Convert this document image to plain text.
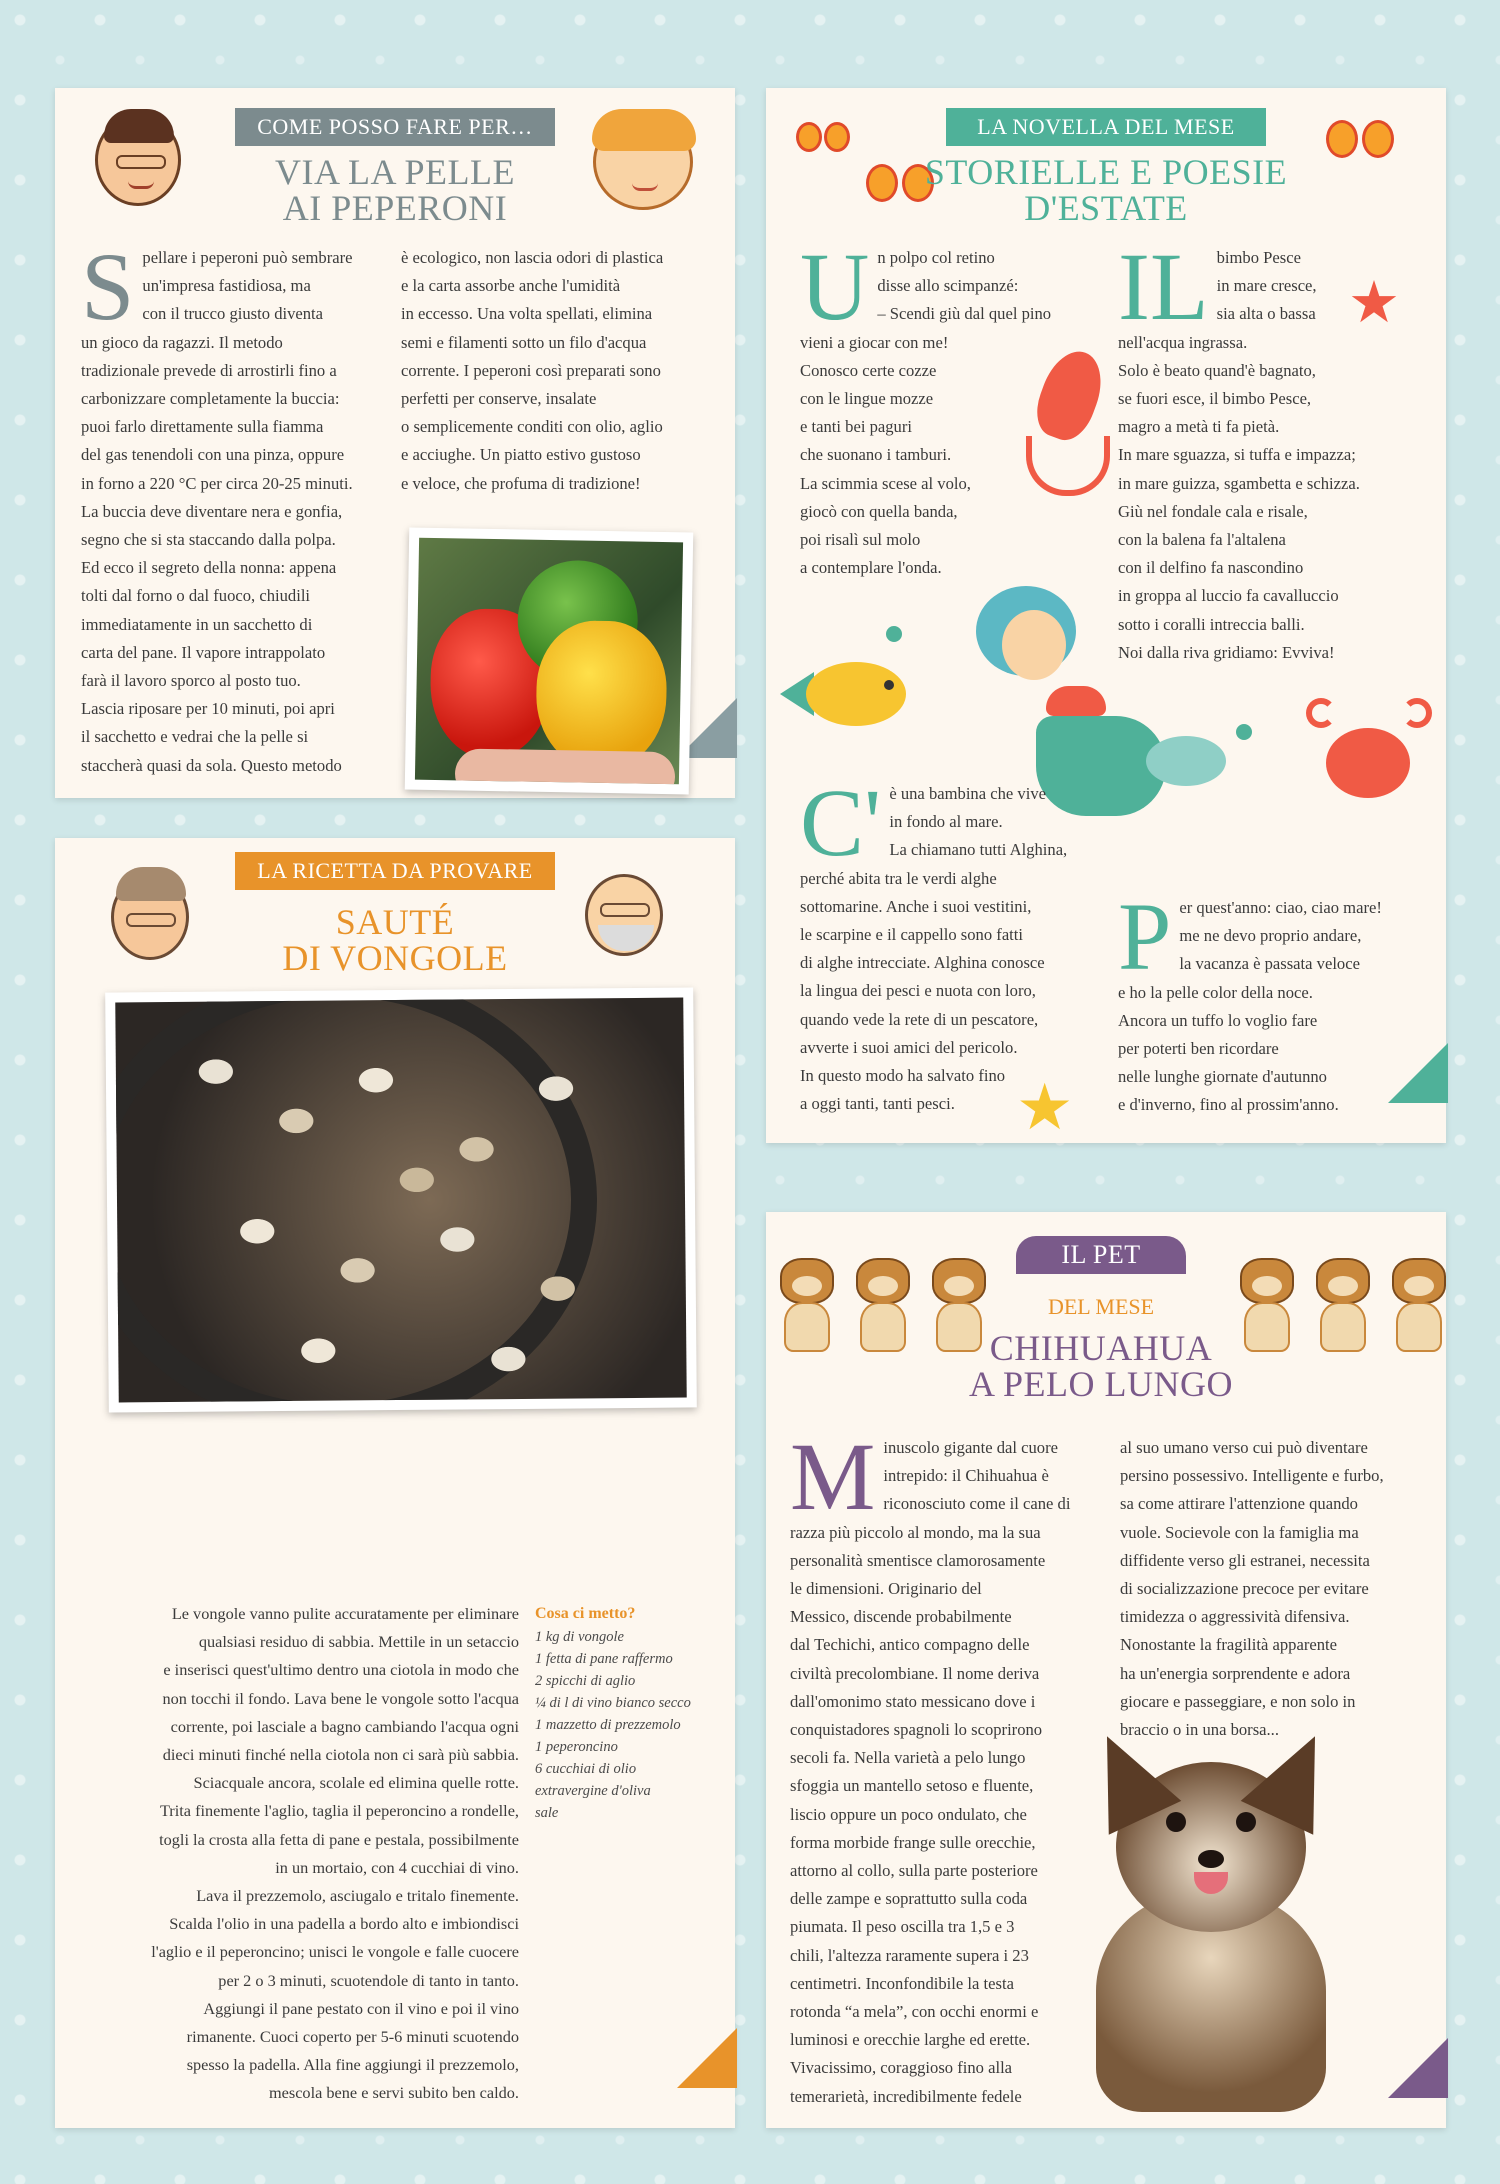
COME POSSO FARE PER…
VIA LA PELLE
AI PEPERONI
S pellare i peperoni può sembrare

un'impresa fastidiosa, ma

con il trucco giusto diventa

un gioco da ragazzi. Il metodo

tradizionale prevede di arrostirli fino a

carbonizzare completamente la buccia:

puoi farlo direttamente sulla fiamma

del gas tenendoli con una pinza, oppure

in forno a 220 °C per circa 20-25 minuti.

La buccia deve diventare nera e gonfia,

segno che si sta staccando dalla polpa.

Ed ecco il segreto della nonna: appena

tolti dal forno o dal fuoco, chiudili

immediatamente in un sacchetto di

carta del pane. Il vapore intrappolato

farà il lavoro sporco al posto tuo.

Lascia riposare per 10 minuti, poi apri

il sacchetto e vedrai che la pelle si

staccherà quasi da sola. Questo metodo

è ecologico, non lascia odori di plastica

e la carta assorbe anche l'umidità

in eccesso. Una volta spellati, elimina

semi e filamenti sotto un filo d'acqua

corrente. I peperoni così preparati sono

perfetti per conserve, insalate

o semplicemente conditi con olio, aglio

e acciughe. Un piatto estivo gustoso

e veloce, che profuma di tradizione!

LA NOVELLA DEL MESE
STORIELLE E POESIE
D'ESTATE
U n polpo col retino

disse allo scimpanzé:

– Scendi giù dal quel pino

vieni a giocar con me!

Conosco certe cozze

con le lingue mozze

e tanti bei paguri

che suonano i tamburi.

La scimmia scese al volo,

giocò con quella banda,

poi risalì sul molo

a contemplare l'onda.

IL bimbo Pesce

in mare cresce,

sia alta o bassa

nell'acqua ingrassa.

Solo è beato quand'è bagnato,

se fuori esce, il bimbo Pesce,

magro a metà ti fa pietà.

In mare sguazza, si tuffa e impazza;

in mare guizza, sgambetta e schizza.

Giù nel fondale cala e risale,

con la balena fa l'altalena

con il delfino fa nascondino

in groppa al luccio fa cavalluccio

sotto i coralli intreccia balli.

Noi dalla riva gridiamo: Evviva!

★
C' è una bambina che vive

in fondo al mare.

La chiamano tutti Alghina,

perché abita tra le verdi alghe

sottomarine. Anche i suoi vestitini,

le scarpine e il cappello sono fatti

di alghe intrecciate. Alghina conosce

la lingua dei pesci e nuota con loro,

quando vede la rete di un pescatore,

avverte i suoi amici del pericolo.

In questo modo ha salvato fino

a oggi tanti, tanti pesci.

P er quest'anno: ciao, ciao mare!

me ne devo proprio andare,

la vacanza è passata veloce

e ho la pelle color della noce.

Ancora un tuffo lo voglio fare

per poterti ben ricordare

nelle lunghe giornate d'autunno

e d'inverno, fino al prossim'anno.

★
LA RICETTA DA PROVARE
SAUTÉ
DI VONGOLE

Le vongole vanno pulite accuratamente per eliminare

qualsiasi residuo di sabbia. Mettile in un setaccio

e inserisci quest'ultimo dentro una ciotola in modo che

non tocchi il fondo. Lava bene le vongole sotto l'acqua

corrente, poi lasciale a bagno cambiando l'acqua ogni

dieci minuti finché nella ciotola non ci sarà più sabbia.

Sciacquale ancora, scolale ed elimina quelle rotte.

Trita finemente l'aglio, taglia il peperoncino a rondelle,

togli la crosta alla fetta di pane e pestala, possibilmente

in un mortaio, con 4 cucchiai di vino.

Lava il prezzemolo, asciugalo e tritalo finemente.

Scalda l'olio in una padella a bordo alto e imbiondisci

l'aglio e il peperoncino; unisci le vongole e falle cuocere

per 2 o 3 minuti, scuotendole di tanto in tanto.

Aggiungi il pane pestato con il vino e poi il vino

rimanente. Cuoci coperto per 5-6 minuti scuotendo

spesso la padella. Alla fine aggiungi il prezzemolo,

mescola bene e servi subito ben caldo.

Cosa ci metto?

1 kg di vongole

1 fetta di pane raffermo

2 spicchi di aglio

¼ di l di vino bianco secco

1 mazzetto di prezzemolo

1 peperoncino

6 cucchiai di olio

extravergine d'oliva

sale

IL PET
DEL MESE
CHIHUAHUA
A PELO LUNGO
M inuscolo gigante dal cuore

intrepido: il Chihuahua è

riconosciuto come il cane di

razza più piccolo al mondo, ma la sua

personalità smentisce clamorosamente

le dimensioni. Originario del

Messico, discende probabilmente

dal Techichi, antico compagno delle

civiltà precolombiane. Il nome deriva

dall'omonimo stato messicano dove i

conquistadores spagnoli lo scoprirono

secoli fa. Nella varietà a pelo lungo

sfoggia un mantello setoso e fluente,

liscio oppure un poco ondulato, che

forma morbide frange sulle orecchie,

attorno al collo, sulla parte posteriore

delle zampe e soprattutto sulla coda

piumata. Il peso oscilla tra 1,5 e 3

chili, l'altezza raramente supera i 23

centimetri. Inconfondibile la testa

rotonda “a mela”, con occhi enormi e

luminosi e orecchie larghe ed erette.

Vivacissimo, coraggioso fino alla

temerarietà, incredibilmente fedele

al suo umano verso cui può diventare

persino possessivo. Intelligente e furbo,

sa come attirare l'attenzione quando

vuole. Socievole con la famiglia ma

diffidente verso gli estranei, necessita

di socializzazione precoce per evitare

timidezza o aggressività difensiva.

Nonostante la fragilità apparente

ha un'energia sorprendente e adora

giocare e passeggiare, e non solo in

braccio o in una borsa...
